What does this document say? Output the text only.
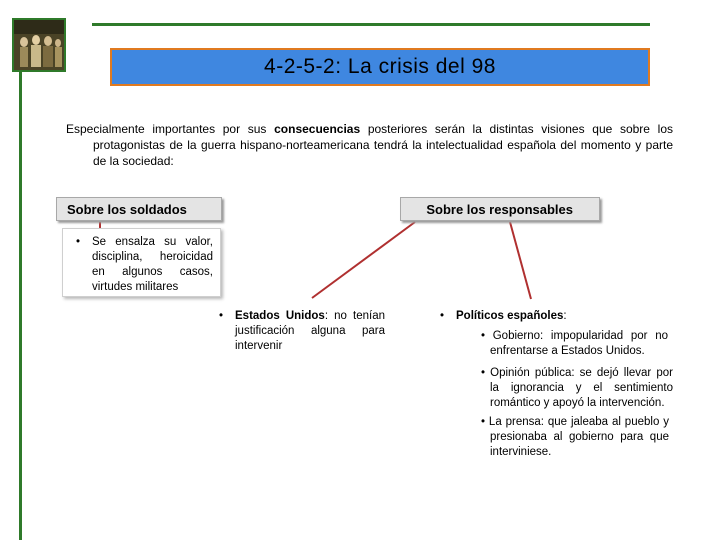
4-2-5-2: La crisis del 98
Especialmente importantes por sus consecuencias posteriores serán la distintas visiones que sobre los protagonistas de la guerra hispano-norteamericana tendrá la intelectualidad española del momento y parte de la sociedad:
Sobre los soldados	Sobre los responsables
•	Se ensalza su valor, disciplina, heroicidad en algunos casos, virtudes militares
•	Estados Unidos: no tenían justificación alguna para intervenir
•	Políticos españoles:
• Gobierno: impopularidad por no enfrentarse a Estados Unidos.
• Opinión pública: se dejó llevar por la ignorancia y el sentimiento romántico y apoyó la intervención.
• La prensa: que jaleaba al pueblo y presionaba al gobierno para que interviniese.
